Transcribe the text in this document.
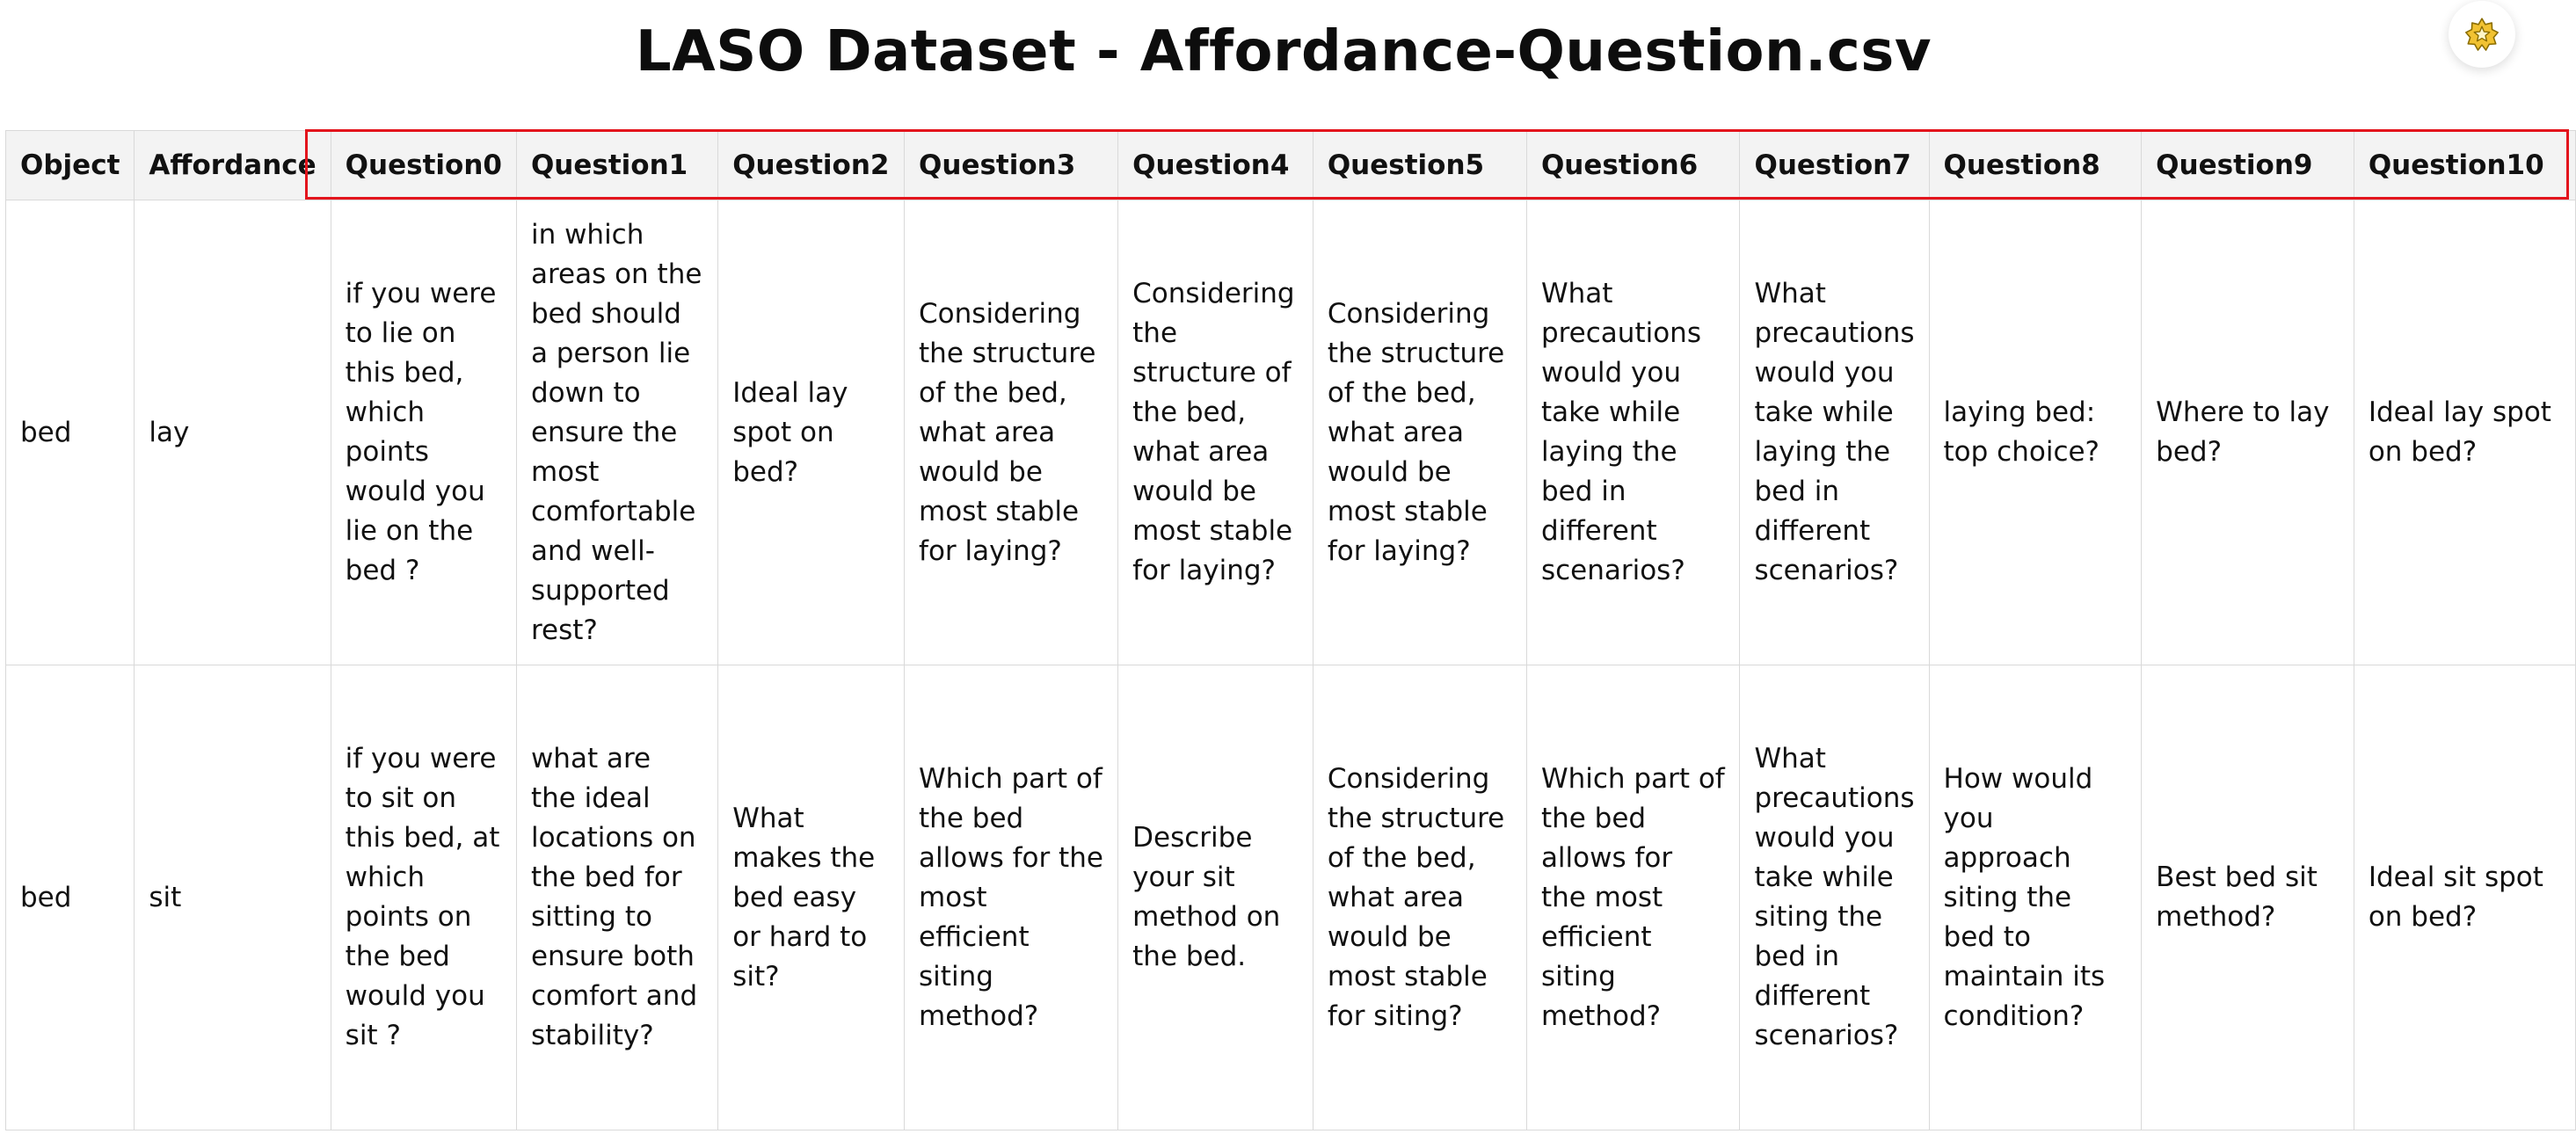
LASO Dataset - Affordance-Question.csv
Object	Affordance	Question0	Question1	Question2	Question3	Question4	Question5	Question6	Question7	Question8	Question9	Question10
bed	lay	if you were to lie on this bed, which points would you lie on the bed ?	in which areas on the bed should a person lie down to ensure the most comfortable and well-supported rest?	Ideal lay spot on bed?	Considering the structure of the bed, what area would be most stable for laying?	Considering the structure of the bed, what area would be most stable for laying?	Considering the structure of the bed, what area would be most stable for laying?	What precautions would you take while laying the bed in different scenarios?	What precautions would you take while laying the bed in different scenarios?	laying bed: top choice?	Where to lay bed?	Ideal lay spot on bed?
bed	sit	if you were to sit on this bed, at which points on the bed would you sit ?	what are the ideal locations on the bed for sitting to ensure both comfort and stability?	What makes the bed easy or hard to sit?	Which part of the bed allows for the most efficient siting method?	Describe your sit method on the bed.	Considering the structure of the bed, what area would be most stable for siting?	Which part of the bed allows for the most efficient siting method?	What precautions would you take while siting the bed in different scenarios?	How would you approach siting the bed to maintain its condition?	Best bed sit method?	Ideal sit spot on bed?
